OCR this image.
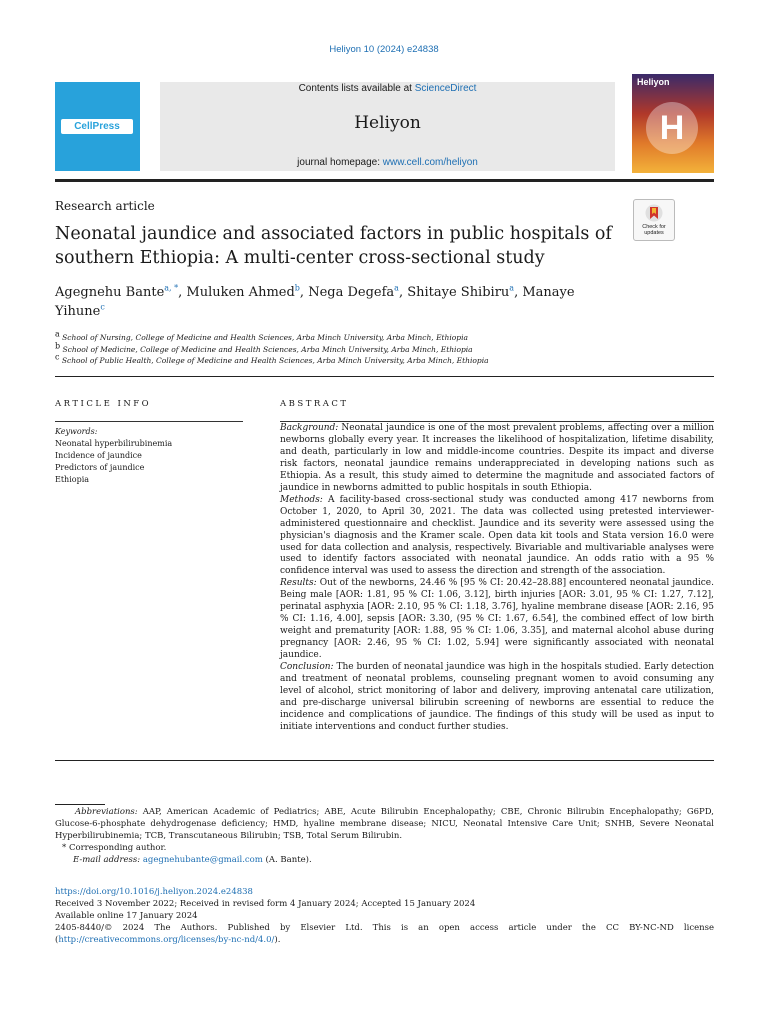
Heliyon 10 (2024) e24838
CellPress
Contents lists available at ScienceDirect
Heliyon
journal homepage: www.cell.com/heliyon
Heliyon
H
Research article
Check for
updates
Neonatal jaundice and associated factors in public hospitals of southern Ethiopia: A multi-center cross-sectional study
Agegnehu Bante$^{a, *}$, Muluken Ahmed$^b$, Nega Degefa$^a$, Shitaye Shibiru$^a$, Manaye Yihune$^c$
$^a$ School of Nursing, College of Medicine and Health Sciences, Arba Minch University, Arba Minch, Ethiopia
$^b$ School of Medicine, College of Medicine and Health Sciences, Arba Minch University, Arba Minch, Ethiopia
$^c$ School of Public Health, College of Medicine and Health Sciences, Arba Minch University, Arba Minch, Ethiopia
ARTICLE INFO	ABSTRACT
Keywords:
Neonatal hyperbilirubinemia
Incidence of jaundice
Predictors of jaundice
Ethiopia

Background: Neonatal jaundice is one of the most prevalent problems, affecting over a million newborns globally every year. It increases the likelihood of hospitalization, lifetime disability, and death, particularly in low and middle-income countries. Despite its impact and diverse risk factors, neonatal jaundice remains underappreciated in developing nations such as Ethiopia. As a result, this study aimed to determine the magnitude and associated factors of jaundice in newborns admitted to public hospitals in south Ethiopia.

Methods: A facility-based cross-sectional study was conducted among 417 newborns from October 1, 2020, to April 30, 2021. The data was collected using pretested interviewer-administered questionnaire and checklist. Jaundice and its severity were assessed using the physician's diagnosis and the Kramer scale. Open data kit tools and Stata version 16.0 were used for data collection and analysis, respectively. Bivariable and multivariable analyses were used to identify factors associated with neonatal jaundice. An odds ratio with a 95 % confidence interval was used to assess the direction and strength of the association.

Results: Out of the newborns, 24.46 % [95 % CI: 20.42–28.88] encountered neonatal jaundice. Being male [AOR: 1.81, 95 % CI: 1.06, 3.12], birth injuries [AOR: 3.01, 95 % CI: 1.27, 7.12], perinatal asphyxia [AOR: 2.10, 95 % CI: 1.18, 3.76], hyaline membrane disease [AOR: 2.16, 95 % CI: 1.16, 4.00], sepsis [AOR: 3.30, (95 % CI: 1.67, 6.54], the combined effect of low birth weight and prematurity [AOR: 1.88, 95 % CI: 1.06, 3.35], and maternal alcohol abuse during pregnancy [AOR: 2.46, 95 % CI: 1.02, 5.94] were significantly associated with neonatal jaundice.

Conclusion: The burden of neonatal jaundice was high in the hospitals studied. Early detection and treatment of neonatal problems, counseling pregnant women to avoid consuming any level of alcohol, strict monitoring of labor and delivery, improving antenatal care utilization, and pre-discharge universal bilirubin screening of newborns are essential to reduce the incidence and complications of jaundice. The findings of this study will be used as input to initiate interventions and conduct further studies.

Abbreviations: AAP, American Academic of Pediatrics; ABE, Acute Bilirubin Encephalopathy; CBE, Chronic Bilirubin Encephalopathy; G6PD, Glucose-6-phosphate dehydrogenase deficiency; HMD, hyaline membrane disease; NICU, Neonatal Intensive Care Unit; SNHB, Severe Neonatal Hyperbilirubinemia; TCB, Transcutaneous Bilirubin; TSB, Total Serum Bilirubin.

* Corresponding author.

E-mail address: agegnehubante@gmail.com (A. Bante).

https://doi.org/10.1016/j.heliyon.2024.e24838

Received 3 November 2022; Received in revised form 4 January 2024; Accepted 15 January 2024

Available online 17 January 2024

2405-8440/© 2024 The Authors. Published by Elsevier Ltd. This is an open access article under the CC BY-NC-ND license (http://creativecommons.org/licenses/by-nc-nd/4.0/).
